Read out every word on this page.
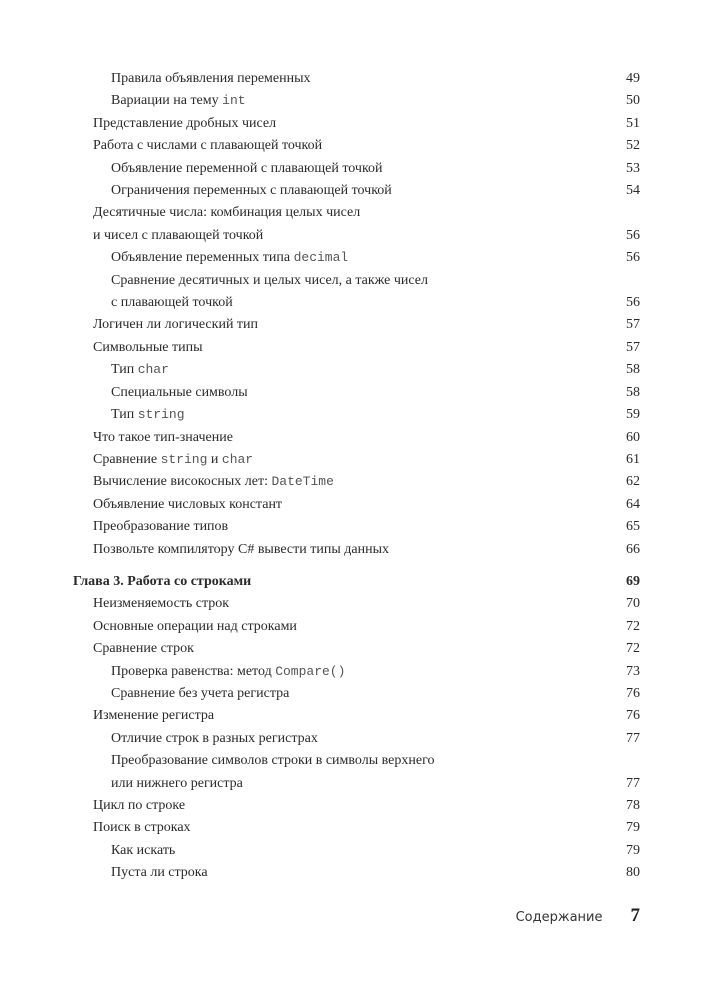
Правила объявления переменных	49
Вариации на тему int	50
Представление дробных чисел	51
Работа с числами с плавающей точкой	52
Объявление переменной с плавающей точкой	53
Ограничения переменных с плавающей точкой	54
Десятичные числа: комбинация целых чисел
и чисел с плавающей точкой	56
Объявление переменных типа decimal	56
Сравнение десятичных и целых чисел, а также чисел
с плавающей точкой	56
Логичен ли логический тип	57
Символьные типы	57
Тип char	58
Специальные символы	58
Тип string	59
Что такое тип-значение	60
Сравнение string и char	61
Вычисление високосных лет: DateTime	62
Объявление числовых констант	64
Преобразование типов	65
Позвольте компилятору C# вывести типы данных	66
Глава 3. Работа со строками	69
Неизменяемость строк	70
Основные операции над строками	72
Сравнение строк	72
Проверка равенства: метод Compare()	73
Сравнение без учета регистра	76
Изменение регистра	76
Отличие строк в разных регистрах	77
Преобразование символов строки в символы верхнего
или нижнего регистра	77
Цикл по строке	78
Поиск в строках	79
Как искать	79
Пуста ли строка	80
Содержание 7
